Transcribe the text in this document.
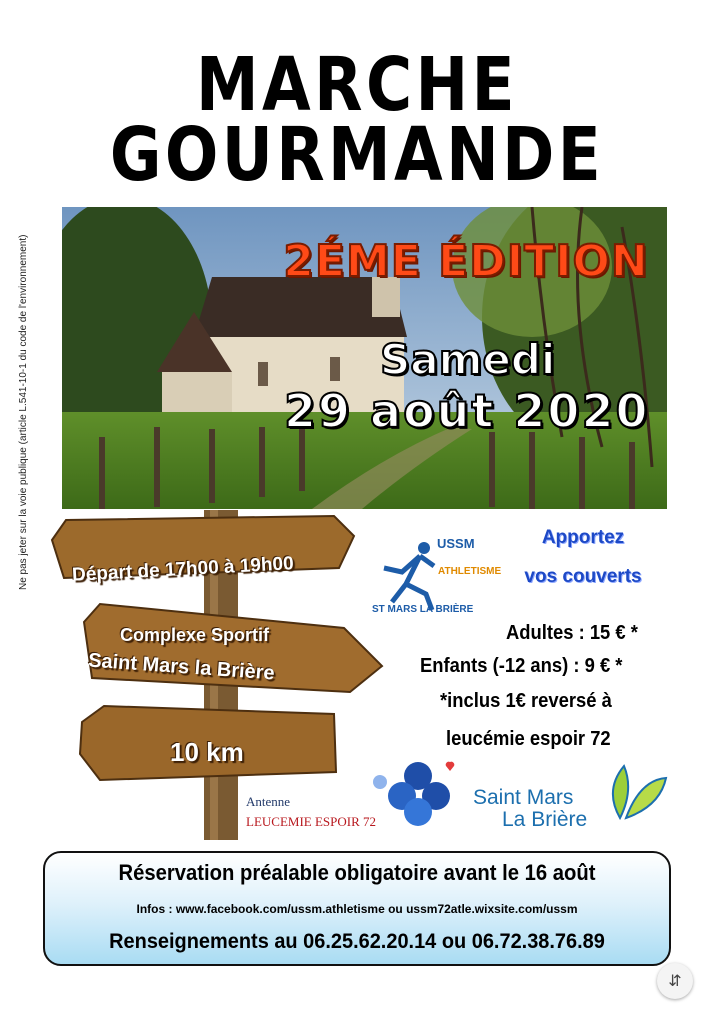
Ne pas jeter sur la voie publique (article L.541-10-1 du code de l'environnement)
MARCHE
GOURMANDE
2ÉME ÉDITION
Samedi
29 août 2020
Départ de 17h00 à 19h00
Complexe Sportif
Saint Mars la Brière
10 km
USSM
ATHLETISME
ST MARS LA BRIÈRE
Apportez
vos couverts
Adultes : 15 € *
Enfants (-12 ans) : 9 € *
*inclus 1€ reversé à
leucémie espoir 72
Antenne
LEUCEMIE ESPOIR 72
Saint Mars
La Brière
Réservation préalable obligatoire avant le 16 août
Infos : www.facebook.com/ussm.athletisme ou ussm72atle.wixsite.com/ussm
Renseignements au 06.25.62.20.14 ou 06.72.38.76.89
⇵
